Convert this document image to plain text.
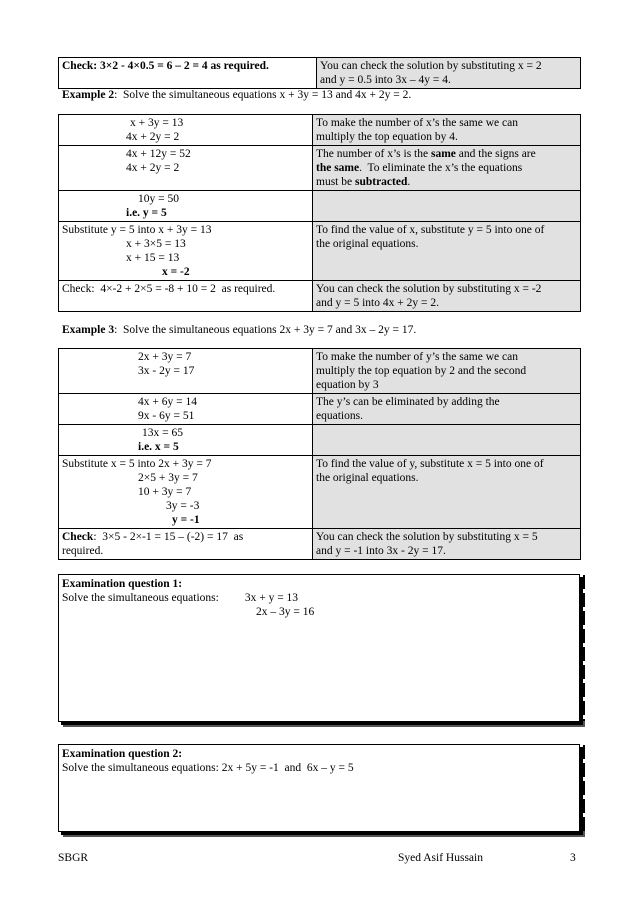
Check: 3×2 - 4×0.5 = 6 – 2 = 4 as required.	You can check the solution by substituting x = 2
and y = 0.5 into 3x – 4y = 4.
Example 2:  Solve the simultaneous equations x + 3y = 13 and 4x + 2y = 2.
x + 3y = 13
4x + 2y = 2	To make the number of x’s the same we can
multiply the top equation by 4.

4x + 12y = 52
4x + 2y = 2	The number of x’s is the same and the signs are
the same.  To eliminate the x’s the equations
must be subtracted.

10y = 50
i.e. y = 5	

Substitute y = 5 into x + 3y = 13
x + 3×5 = 13
x + 15 = 13
x = -2	To find the value of x, substitute y = 5 into one of
the original equations.

Check:  4×-2 + 2×5 = -8 + 10 = 2  as required.	You can check the solution by substituting x = -2
and y = 5 into 4x + 2y = 2.
Example 3:  Solve the simultaneous equations 2x + 3y = 7 and 3x – 2y = 17.
2x + 3y = 7
3x - 2y = 17	To make the number of y’s the same we can
multiply the top equation by 2 and the second
equation by 3

4x + 6y = 14
9x - 6y = 51	The y’s can be eliminated by adding the
equations.

13x = 65
i.e. x = 5	

Substitute x = 5 into 2x + 3y = 7
2×5 + 3y = 7
10 + 3y = 7
3y = -3
y = -1	To find the value of y, substitute x = 5 into one of
the original equations.

Check:  3×5 - 2×-1 = 15 – (-2) = 17  as
required.	You can check the solution by substituting x = 5
and y = -1 into 3x - 2y = 17.
Examination question 1:
Solve the simultaneous equations: 3x + y = 13
2x – 3y = 16
Examination question 2:
Solve the simultaneous equations: 2x + 5y = -1  and  6x – y = 5
SBGR	Syed Asif Hussain	3
